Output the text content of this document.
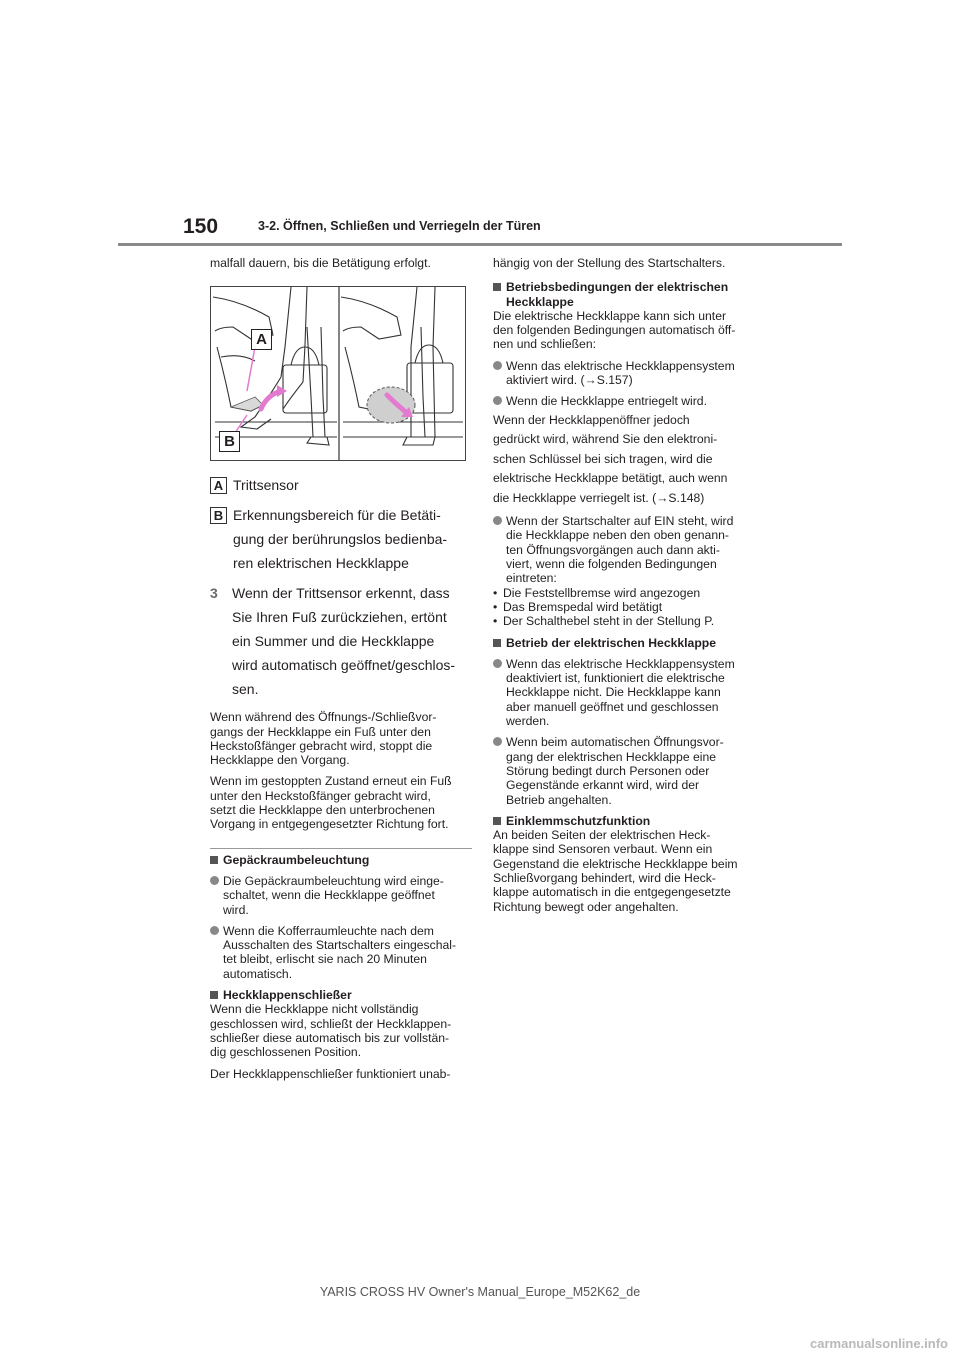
150	3-2. Öffnen, Schließen und Verriegeln der Türen

malfall dauern, bis die Betätigung erfolgt.

A
B
A Trittsensor
B Erkennungsbereich für die Betäti-
gung der berührungslos bedienba-
ren elektrischen Heckklappe
3	Wenn der Trittsensor erkennt, dass
Sie Ihren Fuß zurückziehen, ertönt
ein Summer und die Heckklappe
wird automatisch geöffnet/geschlos-
sen.

Wenn während des Öffnungs-/Schließvor-
gangs der Heckklappe ein Fuß unter den
Heckstoßfänger gebracht wird, stoppt die
Heckklappe den Vorgang.

Wenn im gestoppten Zustand erneut ein Fuß
unter den Heckstoßfänger gebracht wird,
setzt die Heckklappe den unterbrochenen
Vorgang in entgegengesetzter Richtung fort.

Gepäckraumbeleuchtung
Die Gepäckraumbeleuchtung wird einge-
schaltet, wenn die Heckklappe geöffnet
wird.
Wenn die Kofferraumleuchte nach dem
Ausschalten des Startschalters eingeschal-
tet bleibt, erlischt sie nach 20 Minuten
automatisch.
Heckklappenschließer

Wenn die Heckklappe nicht vollständig
geschlossen wird, schließt der Heckklappen-
schließer diese automatisch bis zur vollstän-
dig geschlossenen Position.

Der Heckklappenschließer funktioniert unab-

hängig von der Stellung des Startschalters.

Betriebsbedingungen der elektrischen
Heckklappe

Die elektrische Heckklappe kann sich unter
den folgenden Bedingungen automatisch öff-
nen und schließen:

Wenn das elektrische Heckklappensystem
aktiviert wird. (→S.157)
Wenn die Heckklappe entriegelt wird.

Wenn der Heckklappenöffner jedoch
gedrückt wird, während Sie den elektroni-
schen Schlüssel bei sich tragen, wird die
elektrische Heckklappe betätigt, auch wenn
die Heckklappe verriegelt ist. (→S.148)

Wenn der Startschalter auf EIN steht, wird
die Heckklappe neben den oben genann-
ten Öffnungsvorgängen auch dann akti-
viert, wenn die folgenden Bedingungen
eintreten:
• Die Feststellbremse wird angezogen
• Das Bremspedal wird betätigt
• Der Schalthebel steht in der Stellung P.
Betrieb der elektrischen Heckklappe
Wenn das elektrische Heckklappensystem
deaktiviert ist, funktioniert die elektrische
Heckklappe nicht. Die Heckklappe kann
aber manuell geöffnet und geschlossen
werden.
Wenn beim automatischen Öffnungsvor-
gang der elektrischen Heckklappe eine
Störung bedingt durch Personen oder
Gegenstände erkannt wird, wird der
Betrieb angehalten.
Einklemmschutzfunktion

An beiden Seiten der elektrischen Heck-
klappe sind Sensoren verbaut. Wenn ein
Gegenstand die elektrische Heckklappe beim
Schließvorgang behindert, wird die Heck-
klappe automatisch in die entgegengesetzte
Richtung bewegt oder angehalten.

YARIS CROSS HV Owner's Manual_Europe_M52K62_de
carmanualsonline.info
